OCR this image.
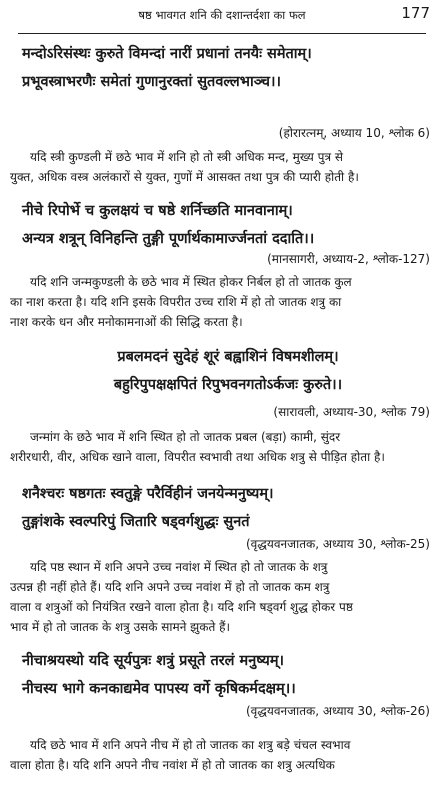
षष्ठ भावगत शनि की दशान्तर्दशा का फल	177
मन्दोऽरिसंस्थः कुरुते विमन्दां नारीं प्रधानां तनयैः समेताम्।
प्रभूवस्त्राभरणैः समेतां गुणानुरक्तां सुतवल्लभाञ्च।।
(होरारत्नम्, अध्याय 10, श्लोक 6)
यदि स्त्री कुण्डली में छठे भाव में शनि हो तो स्त्री अधिक मन्द, मुख्य पुत्र से
युक्त, अधिक वस्त्र अलंकारों से युक्त, गुणों में आसक्त तथा पुत्र की प्यारी होती है।
नीचे रिपोर्भे च कुलक्षयं च षष्ठे शर्निच्छति मानवानाम्।
अन्यत्र शत्रून् विनिहन्ति तुङ्गी पूर्णार्थकामार्ज्जनतां ददाति।।
(मानसागरी, अध्याय-2, श्लोक-127)
यदि शनि जन्मकुण्डली के छठे भाव में स्थित होकर निर्बल हो तो जातक कुल
का नाश करता है। यदि शनि इसके विपरीत उच्च राशि में हो तो जातक शत्रु का
नाश करके धन और मनोकामनाओं की सिद्धि करता है।
प्रबलमदनं सुदेहं शूरं बह्वाशिनं विषमशीलम्।
बहुरिपुपक्षक्षपितं रिपुभवनगतोऽर्कजः कुरुते।।
(सारावली, अध्याय-30, श्लोक 79)
जन्मांग के छठे भाव में शनि स्थित हो तो जातक प्रबल (बड़ा) कामी, सुंदर
शरीरधारी, वीर, अधिक खाने वाला, विपरीत स्वभावी तथा अधिक शत्रु से पीड़ित होता है।
शनैश्चरः षष्ठगतः स्वतुङ्गे परैर्विहीनं जनयेन्मनुष्यम्।
तुङ्गांशके स्वल्परिपुं जितारि षड्वर्गशुद्धः सुनतं
(वृद्धयवनजातक, अध्याय 30, श्लोक-25)
यदि पष्ठ स्थान में शनि अपने उच्च नवांश में स्थित हो तो जातक के शत्रु
उत्पन्न ही नहीं होते हैं। यदि शनि अपने उच्च नवांश में हो तो जातक कम शत्रु
वाला व शत्रुओं को नियंत्रित रखने वाला होता है। यदि शनि षड्वर्ग शुद्ध होकर पष्ठ
भाव में हो तो जातक के शत्रु उसके सामने झुकते हैं।
नीचाश्रयस्थो यदि सूर्यपुत्रः शत्रुं प्रसूते तरलं मनुष्यम्।
नीचस्य भागे कनकाद्यमेव पापस्य वर्गे कृषिकर्मदक्षम्।।
(वृद्धयवनजातक, अध्याय 30, श्लोक-26)
यदि छठे भाव में शनि अपने नीच में हो तो जातक का शत्रु बड़े चंचल स्वभाव
वाला होता है। यदि शनि अपने नीच नवांश में हो तो जातक का शत्रु अत्यधिक
